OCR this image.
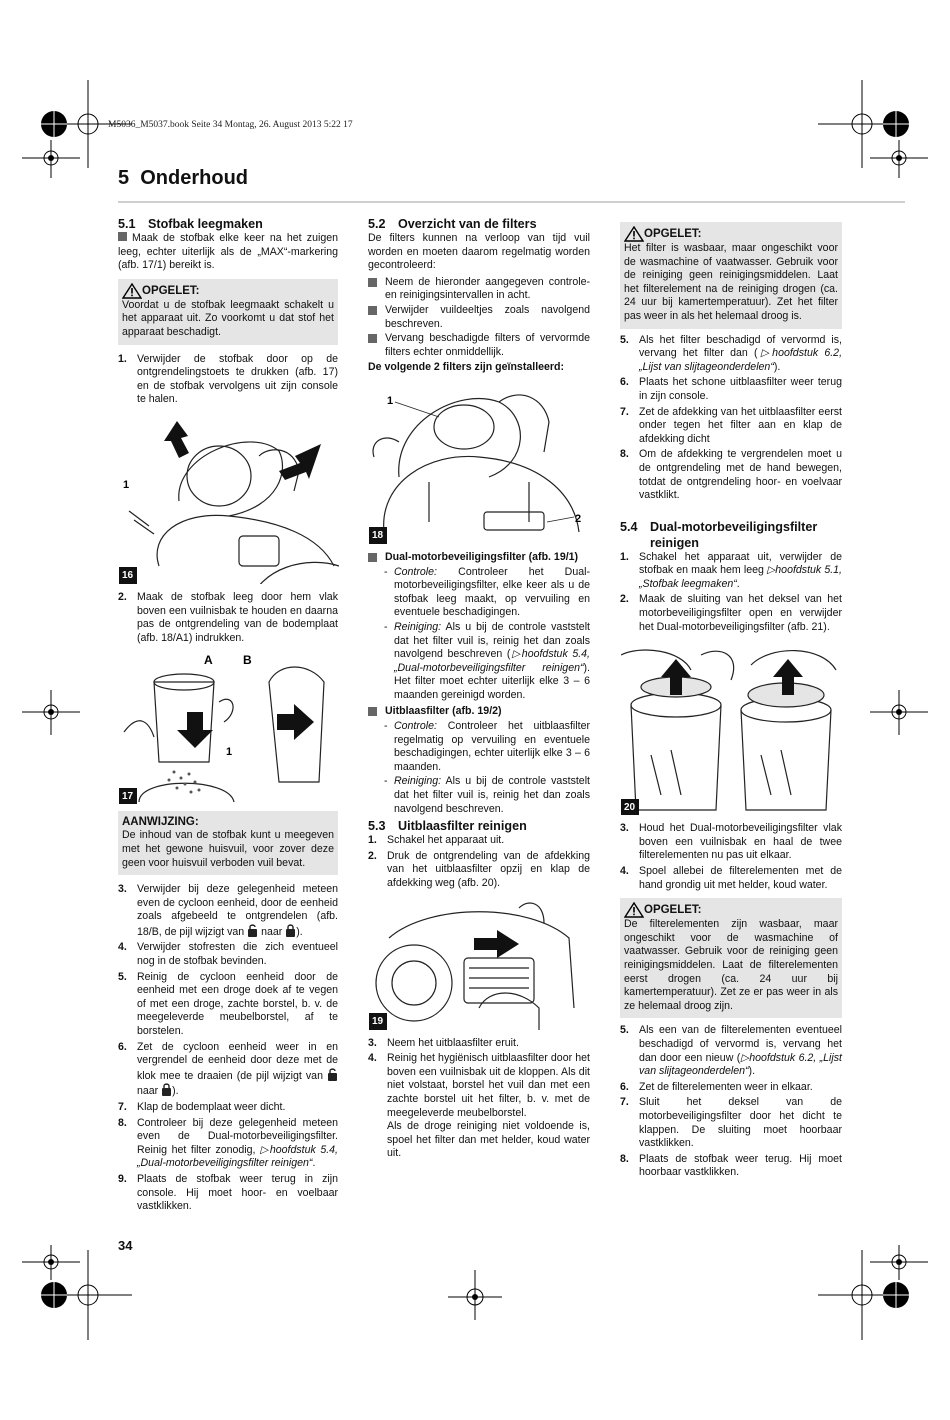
M5036_M5037.book Seite 34 Montag, 26. August 2013 5:22 17
5 Onderhoud

5.1 Stofbak leegmaken

Maak de stofbak elke keer na het zuigen leeg, echter uiterlijk als de „MAX“-markering (afb. 17/1) bereikt is.

OPGELET:

Voordat u de stofbak leegmaakt schakelt u het apparaat uit. Zo voorkomt u dat stof het apparaat beschadigt.

1. Verwijder de stofbak door op de ontgrendelingstoets te drukken (afb. 17) en de stofbak vervolgens uit zijn console te halen.

1
16

2. Maak de stofbak leeg door hem vlak boven een vuilnisbak te houden en daarna pas de ontgrendeling van de bodemplaat (afb. 18/A1) indrukken.

A	B
1
17
AANWIJZING:

De inhoud van de stofbak kunt u meegeven met het gewone huisvuil, voor zover deze geen voor huisvuil verboden vuil bevat.

3. Verwijder bij deze gelegenheid meteen even de cycloon eenheid, door de eenheid zoals afgebeeld te ontgrendelen (afb. 18/B, de pijl wijzigt van naar ).

4. Verwijder stofresten die zich eventueel nog in de stofbak bevinden.

5. Reinig de cycloon eenheid door de eenheid met een droge doek af te vegen of met een droge, zachte borstel, b. v. de meegeleverde meubelborstel, af te borstelen.

6. Zet de cycloon eenheid weer in en vergrendel de eenheid door deze met de klok mee te draaien (de pijl wijzigt van  naar ).

7. Klap de bodemplaat weer dicht.

8. Controleer bij deze gelegenheid meteen even de Dual-motorbeveiligingsfilter. Reinig het filter zonodig, ▷hoofdstuk 5.4, „Dual-motorbeveiligingsfilter reinigen“.

9. Plaats de stofbak weer terug in zijn console. Hij moet hoor- en voelbaar vastklikken.

5.2 Overzicht van de filters

De filters kunnen na verloop van tijd vuil worden en moeten daarom regelmatig worden gecontroleerd:

Neem de hieronder aangegeven controle- en reinigingsintervallen in acht.

Verwijder vuildeeltjes zoals navolgend beschreven.

Vervang beschadigde filters of vervormde filters echter onmiddellijk.

De volgende 2 filters zijn geïnstalleerd:

1
2
18

Dual-motorbeveiligingsfilter (afb. 19/1)

- Controle: Controleer het Dual-motorbeveiligingsfilter, elke keer als u de stofbak leeg maakt, op vervuiling en eventuele beschadigingen.

- Reiniging: Als u bij de controle vaststelt dat het filter vuil is, reinig het dan zoals navolgend beschreven (▷hoofdstuk 5.4, „Dual-motorbeveiligingsfilter reinigen“). Het filter moet echter uiterlijk elke 3 – 6 maanden gereinigd worden.

Uitblaasfilter (afb. 19/2)

- Controle: Controleer het uitblaasfilter regelmatig op vervuiling en eventuele beschadigingen, echter uiterlijk elke 3 – 6 maanden.

- Reiniging: Als u bij de controle vaststelt dat het filter vuil is, reinig het dan zoals navolgend beschreven.

5.3 Uitblaasfilter reinigen

1. Schakel het apparaat uit.

2. Druk de ontgrendeling van de afdekking van het uitblaasfilter opzij en klap de afdekking weg (afb. 20).

19

3. Neem het uitblaasfilter eruit.

4. Reinig het hygiënisch uitblaasfilter door het boven een vuilnisbak uit de kloppen. Als dit niet volstaat, borstel het vuil dan met een zachte borstel uit het filter, b. v. met de meegeleverde meubelborstel.
Als de droge reiniging niet voldoende is, spoel het filter dan met helder, koud water uit.

OPGELET:

Het filter is wasbaar, maar ongeschikt voor de wasmachine of vaatwasser. Gebruik voor de reiniging geen reinigingsmiddelen. Laat het filterelement na de reiniging drogen (ca. 24 uur bij kamertemperatuur). Zet het filter pas weer in als het helemaal droog is.

5. Als het filter beschadigd of vervormd is, vervang het filter dan (▷hoofdstuk 6.2, „Lijst van slijtageonderdelen“).

6. Plaats het schone uitblaasfilter weer terug in zijn console.

7. Zet de afdekking van het uitblaasfilter eerst onder tegen het filter aan en klap de afdekking dicht

8. Om de afdekking te vergrendelen moet u de ontgrendeling met de hand bewegen, totdat de ontgrendeling hoor- en voelvaar vastklikt.

5.4 Dual-motorbeveiligingsfilter reinigen

1. Schakel het apparaat uit, verwijder de stofbak en maak hem leeg ▷hoofdstuk 5.1, „Stofbak leegmaken“.

2. Maak de sluiting van het deksel van het motorbeveiligingsfilter open en verwijder het Dual-motorbeveiligingsfilter (afb. 21).

20

3. Houd het Dual-motorbeveiligingsfilter vlak boven een vuilnisbak en haal de twee filterelementen nu pas uit elkaar.

4. Spoel allebei de filterelementen met de hand grondig uit met helder, koud water.

OPGELET:

De filterelementen zijn wasbaar, maar ongeschikt voor de wasmachine of vaatwasser. Gebruik voor de reiniging geen reinigingsmiddelen. Laat de filterelementen eerst drogen (ca. 24 uur bij kamertemperatuur). Zet ze er pas weer in als ze helemaal droog zijn.

5. Als een van de filterelementen eventueel beschadigd of vervormd is, vervang het dan door een nieuw (▷hoofdstuk 6.2, „Lijst van slijtageonderdelen“).

6. Zet de filterelementen weer in elkaar.

7. Sluit het deksel van de motorbeveiligingsfilter door het dicht te klappen. De sluiting moet hoorbaar vastklikken.

8. Plaats de stofbak weer terug. Hij moet hoorbaar vastklikken.

34
